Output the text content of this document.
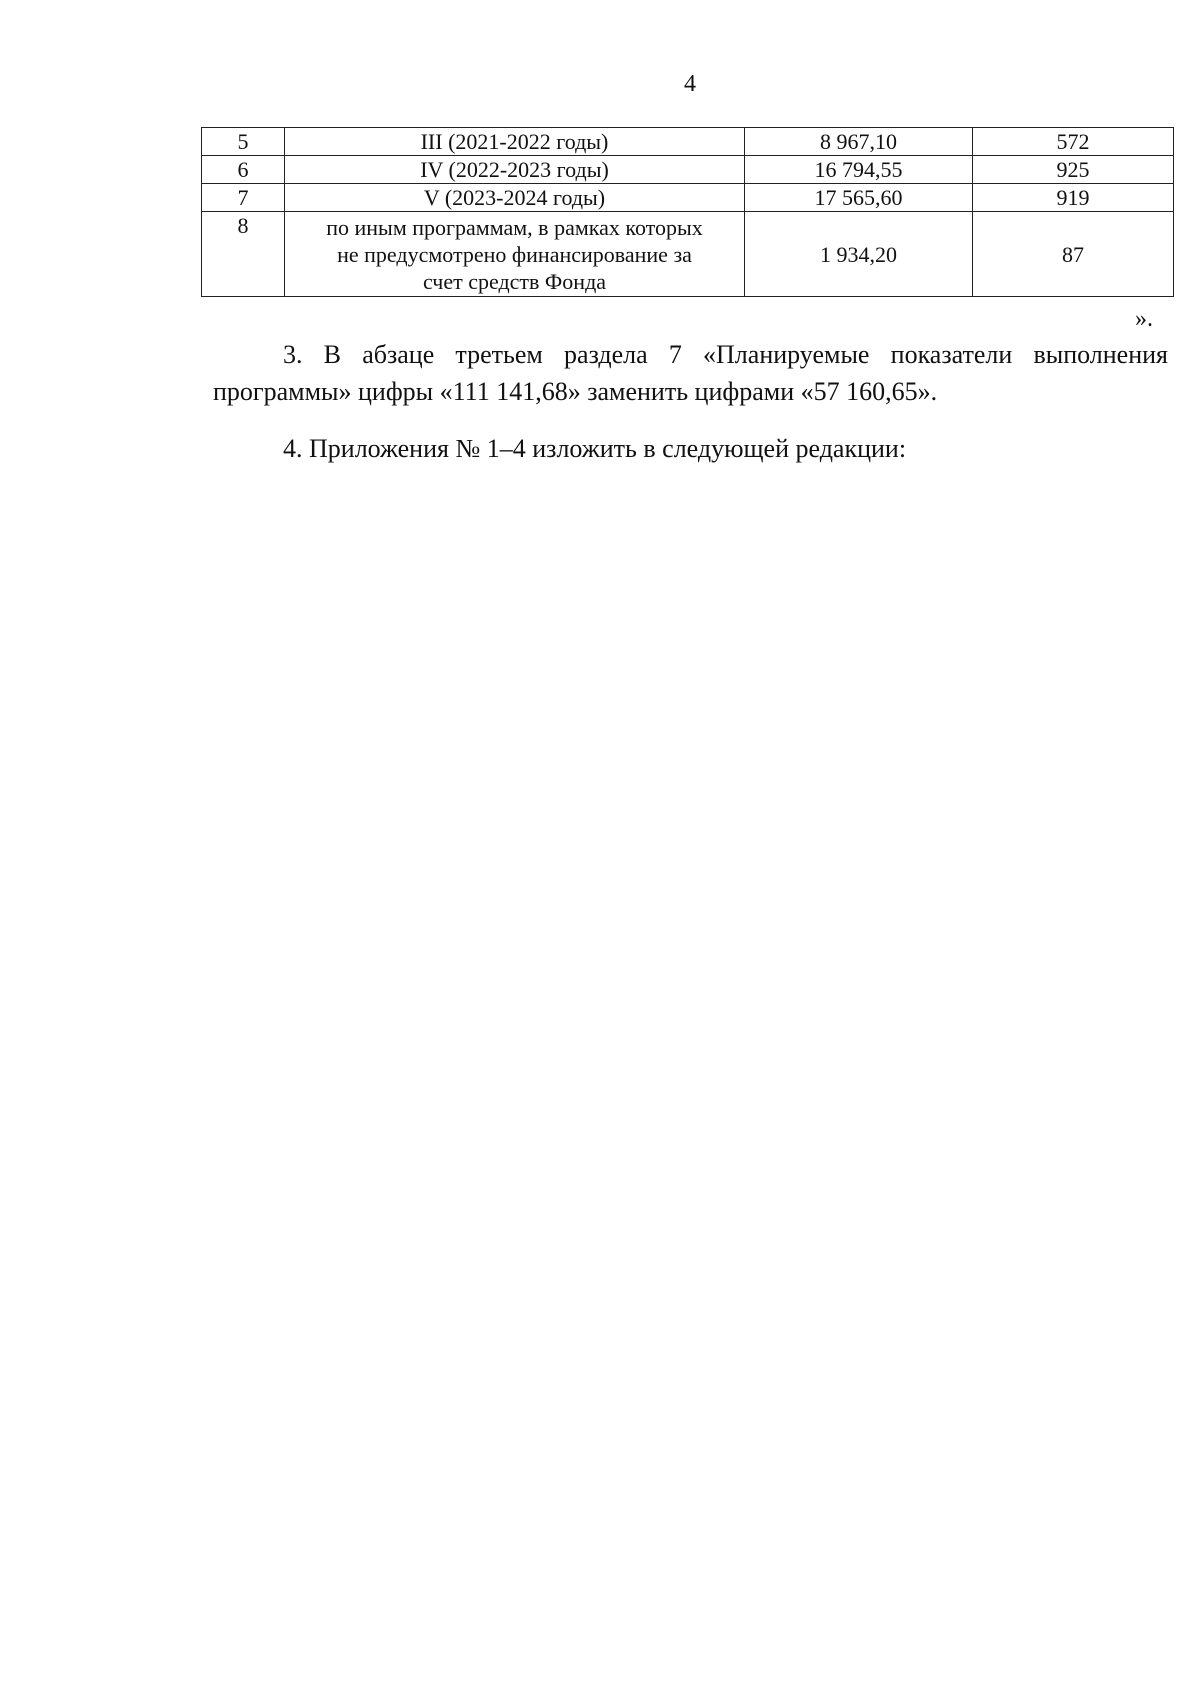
4
5	III (2021-2022 годы)	8 967,10	572
6	IV (2022-2023 годы)	16 794,55	925
7	V (2023-2024 годы)	17 565,60	919
8	по иным программам, в рамках которых
не предусмотрено финансирование за
счет средств Фонда	1 934,20	87
».

3. В абзаце третьем раздела 7 «Планируемые показатели выполнения программы» цифры «111 141,68» заменить цифрами «57 160,65».

4. Приложения № 1–4 изложить в следующей редакции:
